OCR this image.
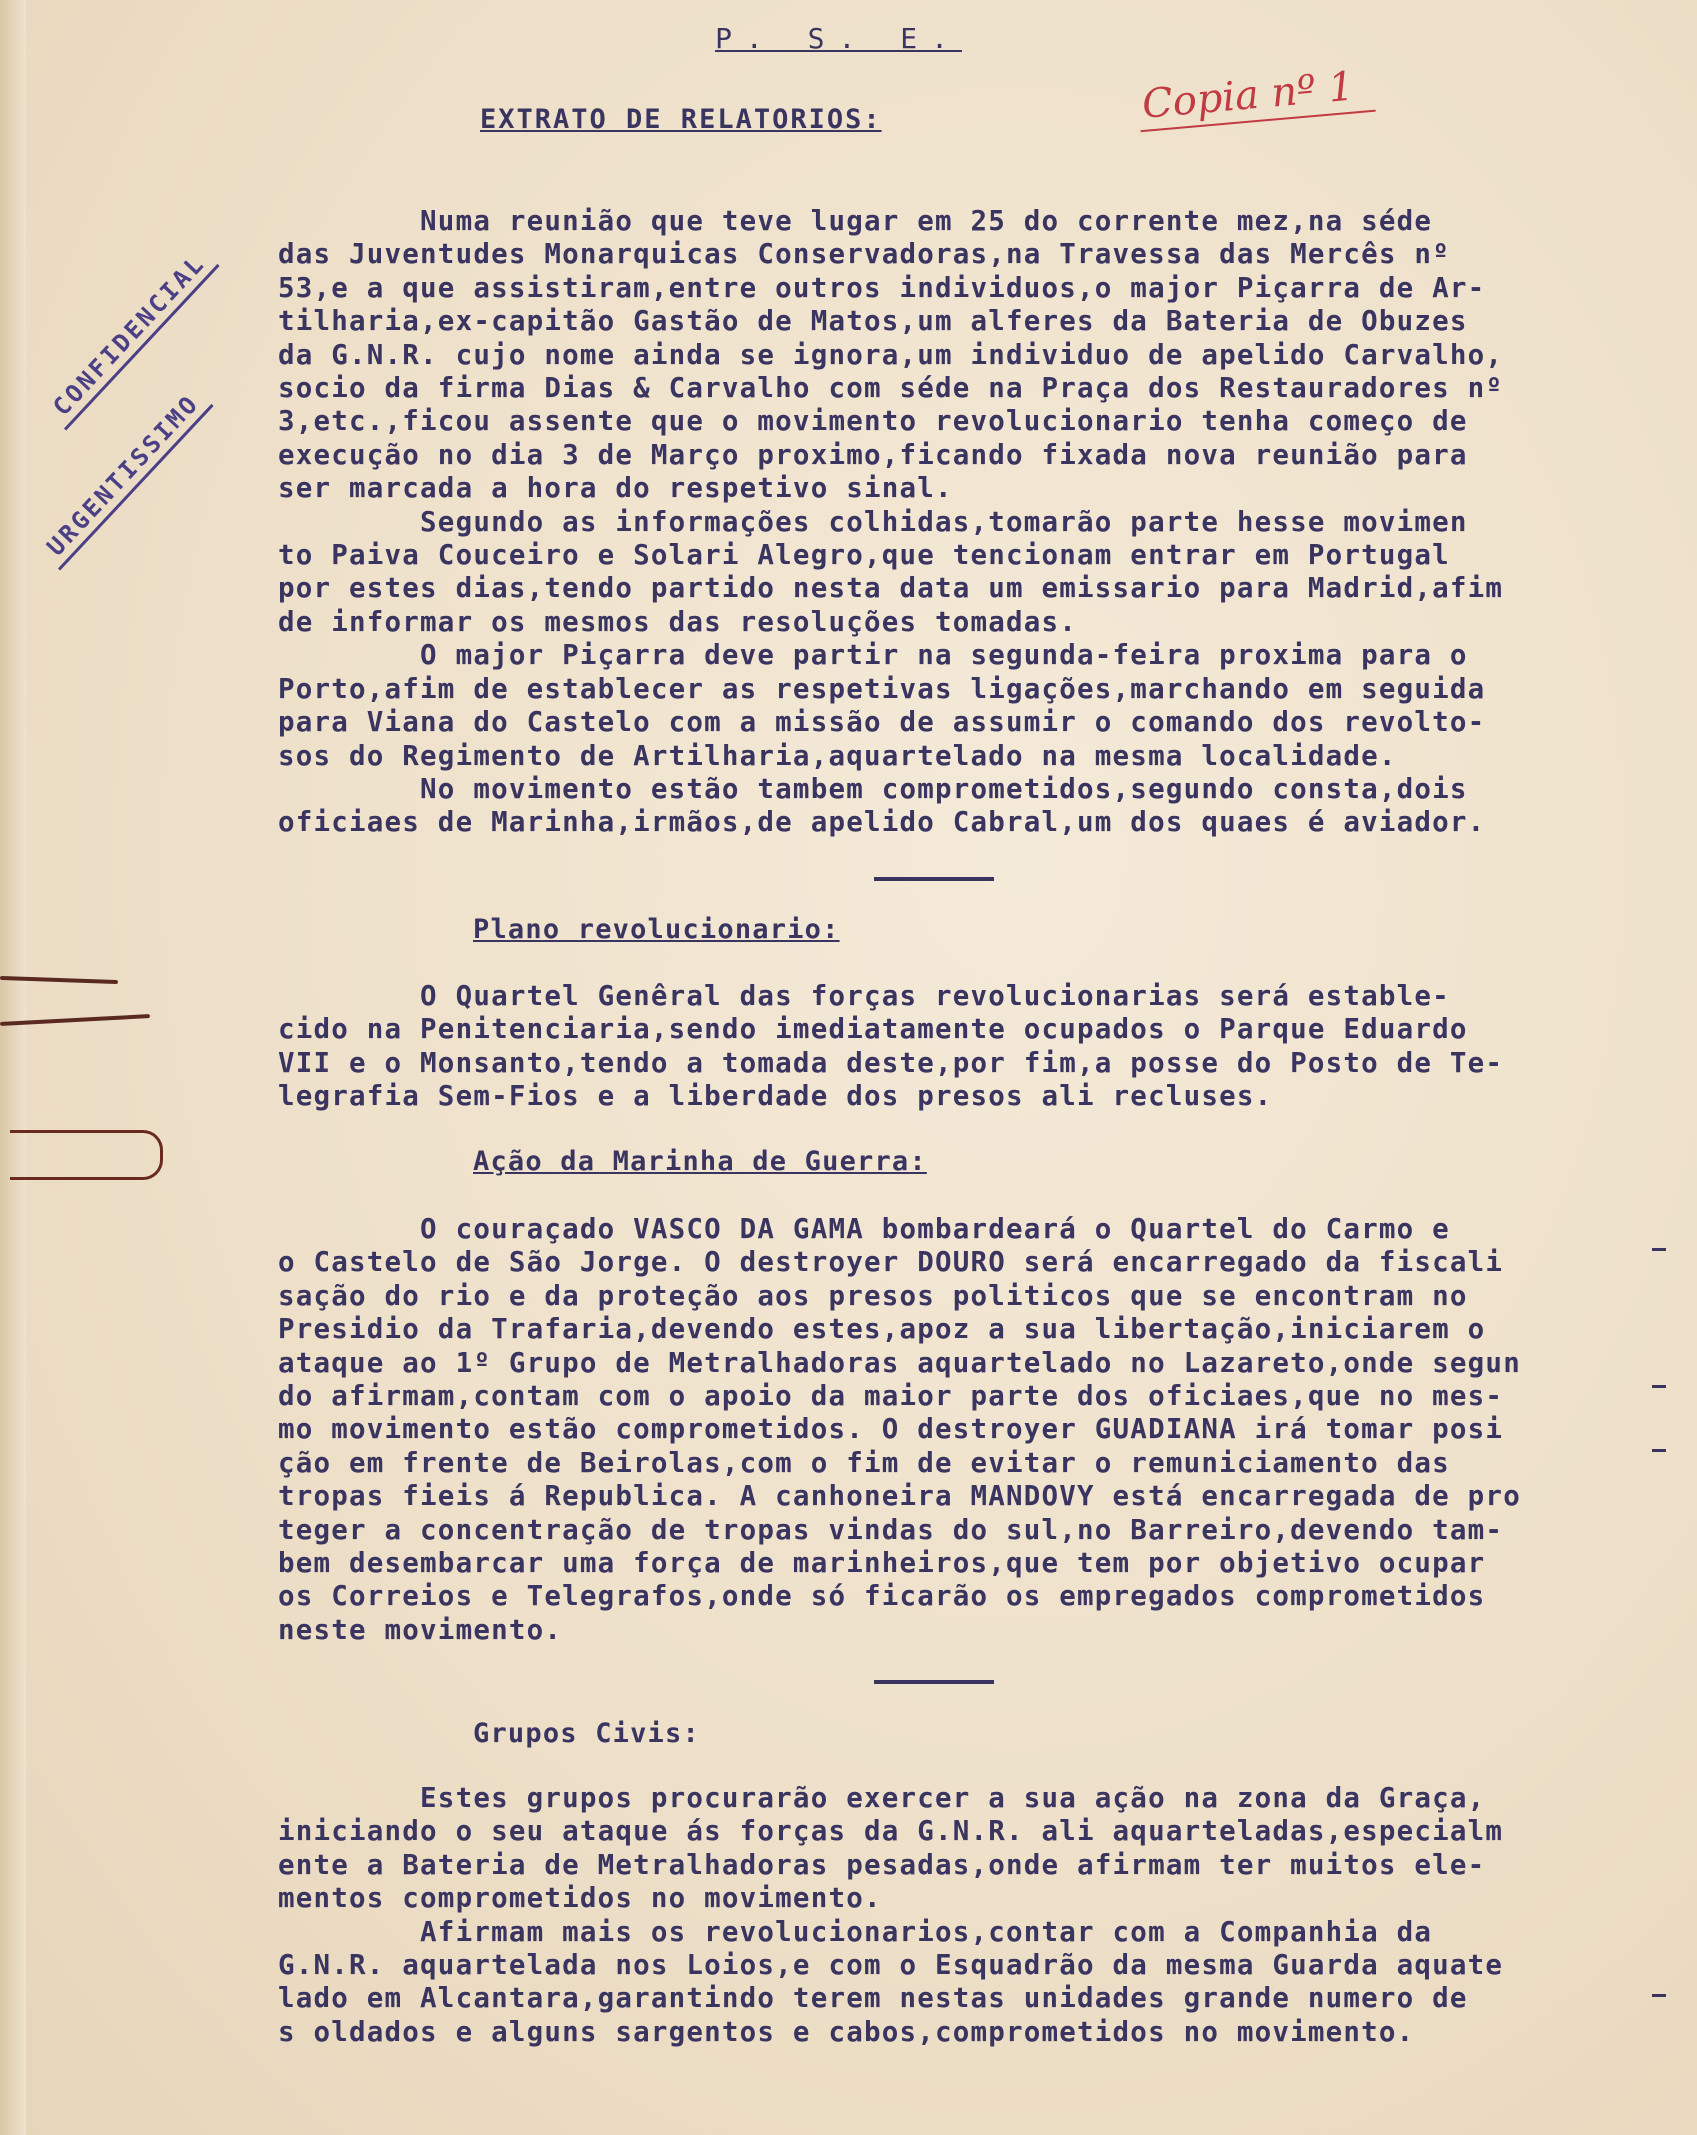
P. S. E.
EXTRATO DE RELATORIOS:	Copia nº 1
CONFIDENCIAL
URGENTISSIMO

Numa reunião que teve lugar em 25 do corrente mez,na séde

das Juventudes Monarquicas Conservadoras,na Travessa das Mercês nº

53,e a que assistiram,entre outros individuos,o major Piçarra de Ar-

tilharia,ex-capitão Gastão de Matos,um alferes da Bateria de Obuzes

da G.N.R. cujo nome ainda se ignora,um individuo de apelido Carvalho,

socio da firma Dias & Carvalho com séde na Praça dos Restauradores nº

3,etc.,ficou assente que o movimento revolucionario tenha começo de

execução no dia 3 de Março proximo,ficando fixada nova reunião para

ser marcada a hora do respetivo sinal.

Segundo as informações colhidas,tomarão parte hesse movimen

to Paiva Couceiro e Solari Alegro,que tencionam entrar em Portugal

por estes dias,tendo partido nesta data um emissario para Madrid,afim

de informar os mesmos das resoluções tomadas.

O major Piçarra deve partir na segunda-feira proxima para o

Porto,afim de establecer as respetivas ligações,marchando em seguida

para Viana do Castelo com a missão de assumir o comando dos revolto-

sos do Regimento de Artilharia,aquartelado na mesma localidade.

No movimento estão tambem comprometidos,segundo consta,dois

oficiaes de Marinha,irmãos,de apelido Cabral,um dos quaes é aviador.

Plano revolucionario:

O Quartel Genêral das forças revolucionarias será estable-

cido na Penitenciaria,sendo imediatamente ocupados o Parque Eduardo

VII e o Monsanto,tendo a tomada deste,por fim,a posse do Posto de Te-

legrafia Sem-Fios e a liberdade dos presos ali recluses.

Ação da Marinha de Guerra:

O couraçado VASCO DA GAMA bombardeará o Quartel do Carmo e

o Castelo de São Jorge. O destroyer DOURO será encarregado da fiscali

sação do rio e da proteção aos presos politicos que se encontram no

Presidio da Trafaria,devendo estes,apoz a sua libertação,iniciarem o

ataque ao 1º Grupo de Metralhadoras aquartelado no Lazareto,onde segun

do afirmam,contam com o apoio da maior parte dos oficiaes,que no mes-

mo movimento estão comprometidos. O destroyer GUADIANA irá tomar posi

ção em frente de Beirolas,com o fim de evitar o remuniciamento das

tropas fieis á Republica. A canhoneira MANDOVY está encarregada de pro

teger a concentração de tropas vindas do sul,no Barreiro,devendo tam-

bem desembarcar uma força de marinheiros,que tem por objetivo ocupar

os Correios e Telegrafos,onde só ficarão os empregados comprometidos

neste movimento.

Grupos Civis:

Estes grupos procurarão exercer a sua ação na zona da Graça,

iniciando o seu ataque ás forças da G.N.R. ali aquarteladas,especialm

ente a Bateria de Metralhadoras pesadas,onde afirmam ter muitos ele-

mentos comprometidos no movimento.

Afirmam mais os revolucionarios,contar com a Companhia da

G.N.R. aquartelada nos Loios,e com o Esquadrão da mesma Guarda aquate

lado em Alcantara,garantindo terem nestas unidades grande numero de

s oldados e alguns sargentos e cabos,comprometidos no movimento.
